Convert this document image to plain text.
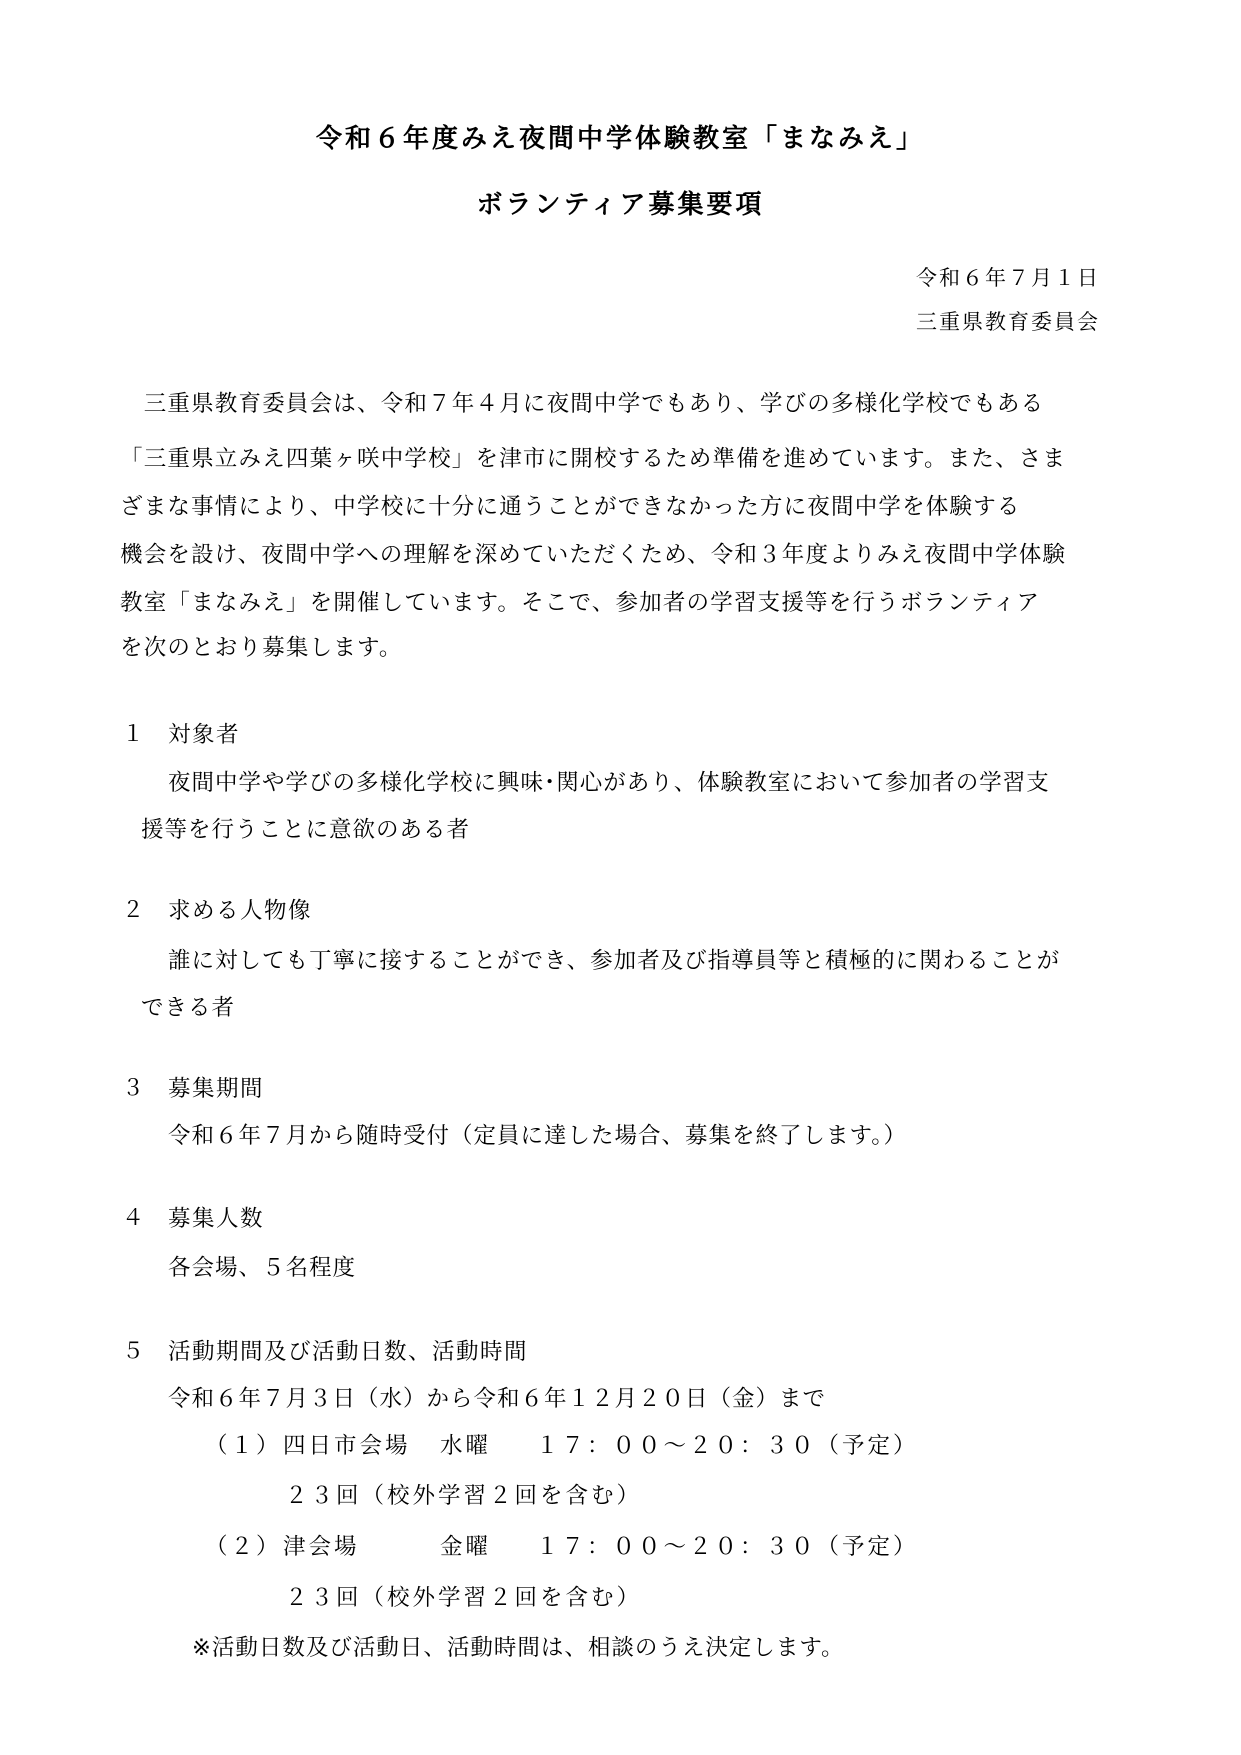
令和６年度みえ夜間中学体験教室「まなみえ」
ボランティア募集要項
令和６年７月１日
三重県教育委員会
　三重県教育委員会は、令和７年４月に夜間中学でもあり、学びの多様化学校でもある
「三重県立みえ四葉ヶ咲中学校」を津市に開校するため準備を進めています。また、さま
ざまな事情により、中学校に十分に通うことができなかった方に夜間中学を体験する
機会を設け、夜間中学への理解を深めていただくため、令和３年度よりみえ夜間中学体験
教室「まなみえ」を開催しています。そこで、参加者の学習支援等を行うボランティア
を次のとおり募集します。
１ 対象者
夜間中学や学びの多様化学校に興味･関心があり、体験教室において参加者の学習支
援等を行うことに意欲のある者
２ 求める人物像
誰に対しても丁寧に接することができ、参加者及び指導員等と積極的に関わることが
できる者
３ 募集期間
令和６年７月から随時受付（定員に達した場合、募集を終了します。）
４ 募集人数
各会場、５名程度
５ 活動期間及び活動日数、活動時間
令和６年７月３日（水）から令和６年１２月２０日（金）まで
（１） 四日市会場 水曜 １７：００～２０：３０（予定）
２３回（校外学習２回を含む）
（２） 津会場	金曜 １７：００～２０：３０（予定）
２３回（校外学習２回を含む）
※活動日数及び活動日、活動時間は、相談のうえ決定します。
